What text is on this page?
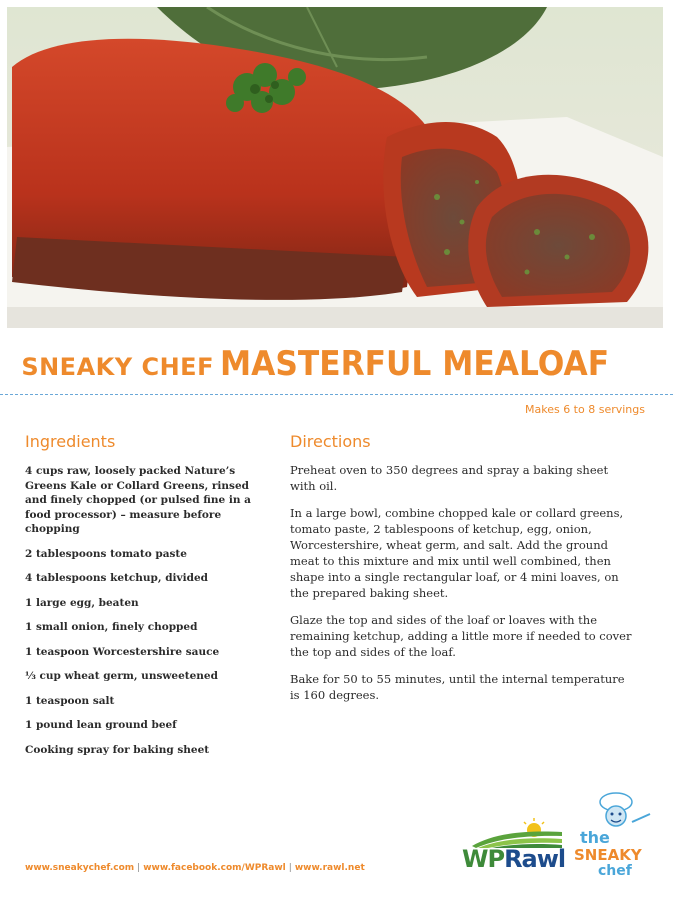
SNEAKY CHEF MASTERFUL MEALOAF
Makes 6 to 8 servings
Ingredients	Directions
4 cups raw, loosely packed Nature’s Greens Kale or Collard Greens, rinsed and finely chopped (or pulsed fine in a food processor) – measure before chopping
2 tablespoons tomato paste
4 tablespoons ketchup, divided
1 large egg, beaten
1 small onion, finely chopped
1 teaspoon Worcestershire sauce
⅓ cup wheat germ, unsweetened
1 teaspoon salt
1 pound lean ground beef
Cooking spray for baking sheet

Preheat oven to 350 degrees and spray a baking sheet with oil.

In a large bowl, combine chopped kale or collard greens, tomato paste, 2 tablespoons of ketchup, egg, onion, Worcestershire, wheat germ, and salt. Add the ground meat to this mixture and mix until well combined, then shape into a single rectangular loaf, or 4 mini loaves, on the prepared baking sheet.

Glaze the top and sides of the loaf or loaves with the remaining ketchup, adding a little more if needed to cover the top and sides of the loaf.

Bake for 50 to 55 minutes, until the internal temperature is 160 degrees.

www.sneakychef.com | www.facebook.com/WPRawl | www.rawl.net	WPRawl
the
SNEAKY
chef
